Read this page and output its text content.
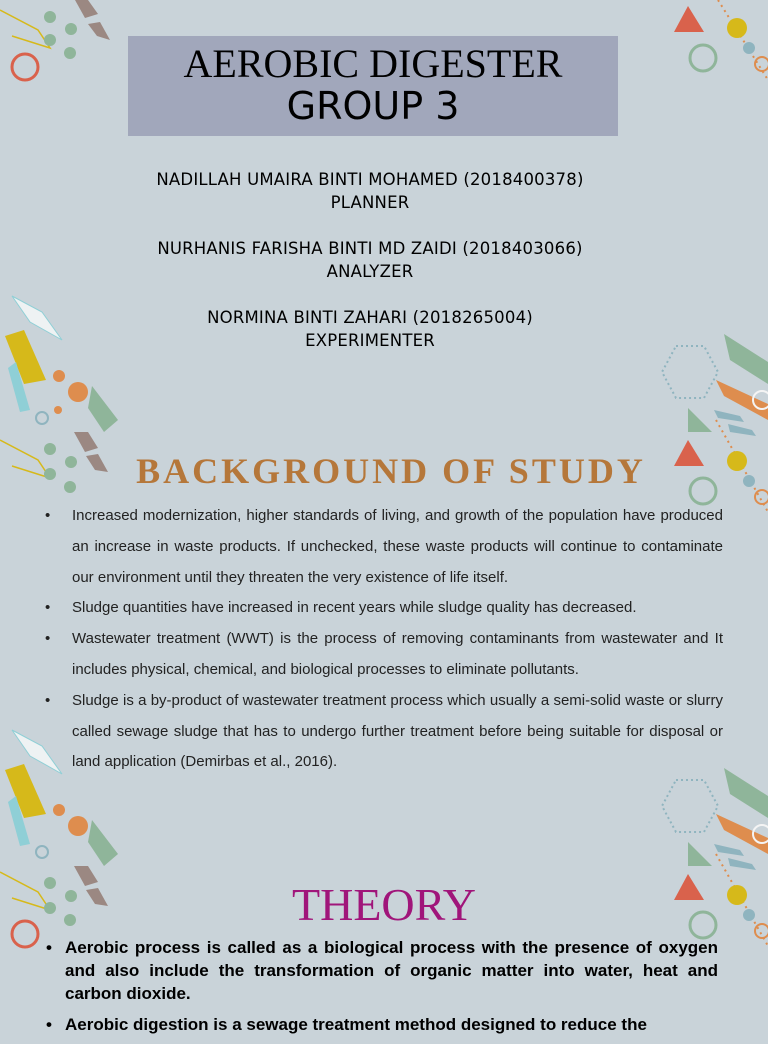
AEROBIC DIGESTER
GROUP 3
NADILLAH UMAIRA BINTI MOHAMED (2018400378)
PLANNER
NURHANIS FARISHA BINTI MD ZAIDI (2018403066)
ANALYZER
NORMINA BINTI ZAHARI (2018265004)
EXPERIMENTER
BACKGROUND OF STUDY
• Increased modernization, higher standards of living, and growth of the population have produced an increase in waste products. If unchecked, these waste products will continue to contaminate our environment until they threaten the very existence of life itself.
• Sludge quantities have increased in recent years while sludge quality has decreased.
• Wastewater treatment (WWT) is the process of removing contaminants from wastewater and It includes physical, chemical, and biological processes to eliminate pollutants.
• Sludge is a by-product of wastewater treatment process which usually a semi-solid waste or slurry called sewage sludge that has to undergo further treatment before being suitable for disposal or land application (Demirbas et al., 2016).
THEORY
• Aerobic process is called as a biological process with the presence of oxygen and also include the transformation of organic matter into water, heat and carbon dioxide.
• Aerobic digestion is a sewage treatment method designed to reduce the
